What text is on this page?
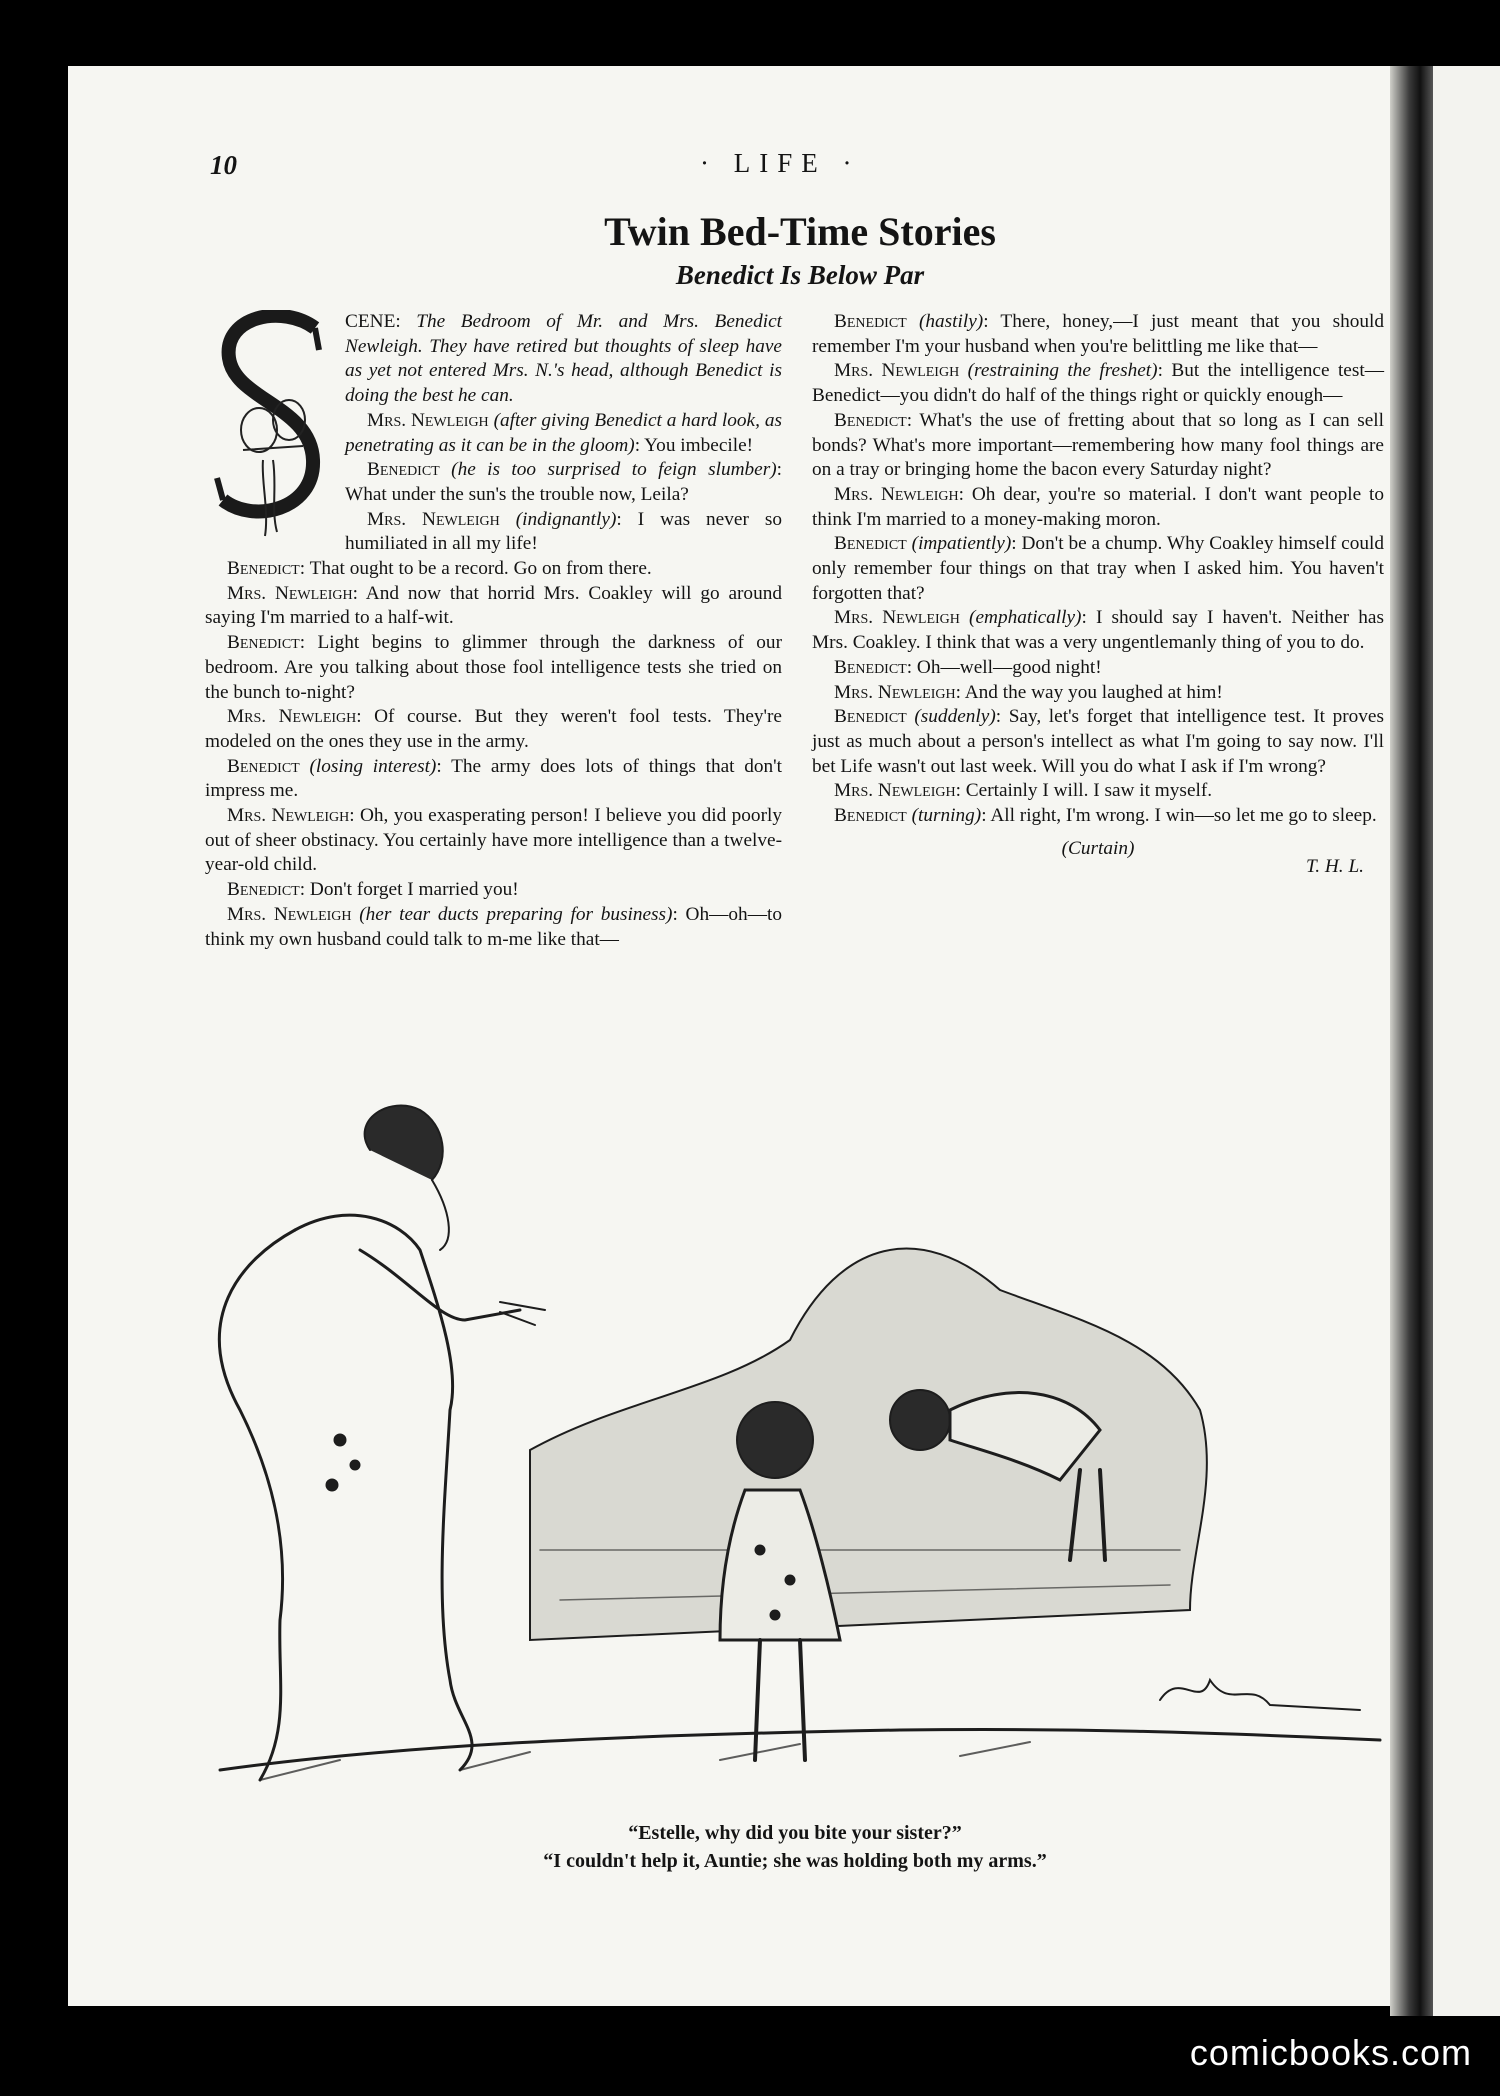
10	· LIFE ·
Twin Bed-Time Stories
Benedict Is Below Par

CENE: The Bedroom of Mr. and Mrs. Benedict Newleigh. They have retired but thoughts of sleep have as yet not entered Mrs. N.'s head, although Benedict is doing the best he can.

Mrs. Newleigh (after giving Benedict a hard look, as penetrating as it can be in the gloom): You imbecile!

Benedict (he is too surprised to feign slumber): What under the sun's the trouble now, Leila?

Mrs. Newleigh (indignantly): I was never so humiliated in all my life!

Benedict: That ought to be a record. Go on from there.

Mrs. Newleigh: And now that horrid Mrs. Coakley will go around saying I'm married to a half-wit.

Benedict: Light begins to glimmer through the darkness of our bedroom. Are you talking about those fool intelligence tests she tried on the bunch to-night?

Mrs. Newleigh: Of course. But they weren't fool tests. They're modeled on the ones they use in the army.

Benedict (losing interest): The army does lots of things that don't impress me.

Mrs. Newleigh: Oh, you exasperating person! I believe you did poorly out of sheer obstinacy. You certainly have more intelligence than a twelve-year-old child.

Benedict: Don't forget I married you!

Mrs. Newleigh (her tear ducts preparing for business): Oh—oh—to think my own husband could talk to m-me like that—

Benedict (hastily): There, honey,—I just meant that you should remember I'm your husband when you're belittling me like that—

Mrs. Newleigh (restraining the freshet): But the intelligence test—Benedict—you didn't do half of the things right or quickly enough—

Benedict: What's the use of fretting about that so long as I can sell bonds? What's more important—remembering how many fool things are on a tray or bringing home the bacon every Saturday night?

Mrs. Newleigh: Oh dear, you're so material. I don't want people to think I'm married to a money-making moron.

Benedict (impatiently): Don't be a chump. Why Coakley himself could only remember four things on that tray when I asked him. You haven't forgotten that?

Mrs. Newleigh (emphatically): I should say I haven't. Neither has Mrs. Coakley. I think that was a very ungentlemanly thing of you to do.

Benedict: Oh—well—good night!

Mrs. Newleigh: And the way you laughed at him!

Benedict (suddenly): Say, let's forget that intelligence test. It proves just as much about a person's intellect as what I'm going to say now. I'll bet Life wasn't out last week. Will you do what I ask if I'm wrong?

Mrs. Newleigh: Certainly I will. I saw it myself.

Benedict (turning): All right, I'm wrong. I win—so let me go to sleep.

(Curtain)

T. H. L.

“Estelle, why did you bite your sister?”
“I couldn't help it, Auntie; she was holding both my arms.”
comicbooks.com
